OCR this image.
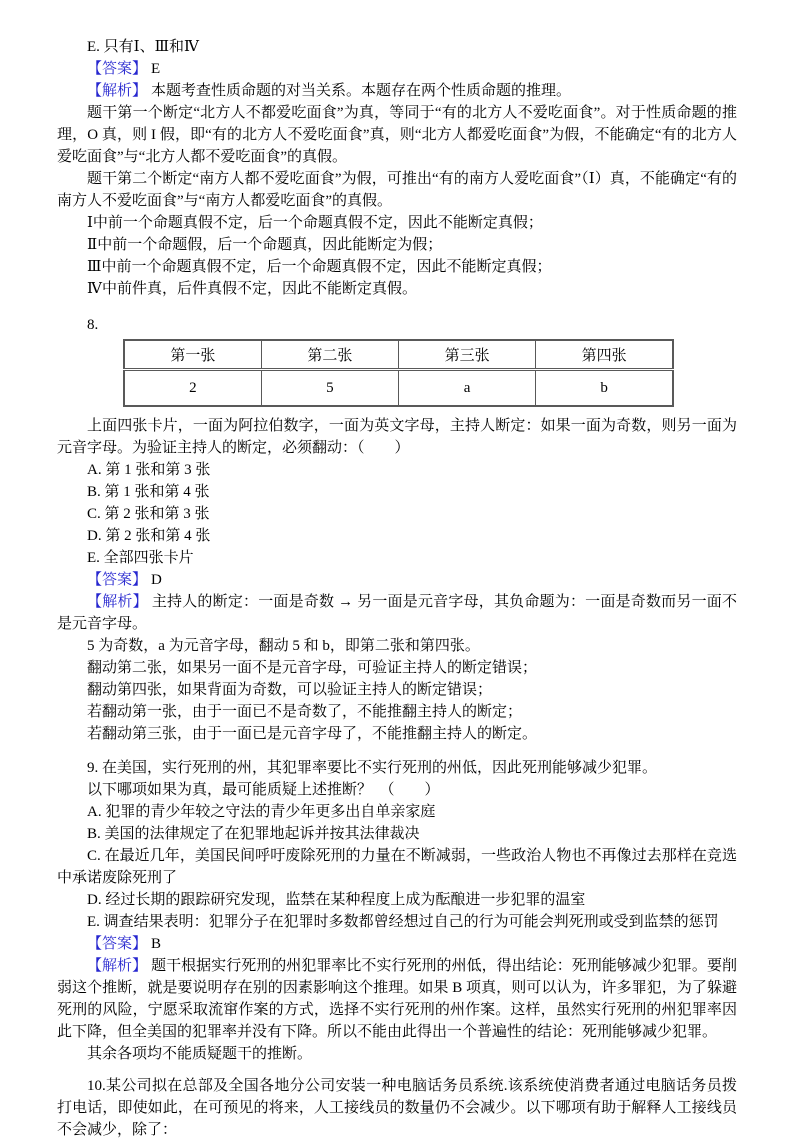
E. 只有Ⅰ、Ⅲ和Ⅳ

【答案】 E

【解析】 本题考查性质命题的对当关系。本题存在两个性质命题的推理。

题干第一个断定“北方人不都爱吃面食”为真，等同于“有的北方人不爱吃面食”。对于性质命题的推理，O 真，则 I 假，即“有的北方人不爱吃面食”真，则“北方人都爱吃面食”为假，不能确定“有的北方人爱吃面食”与“北方人都不爱吃面食”的真假。

题干第二个断定“南方人都不爱吃面食”为假，可推出“有的南方人爱吃面食”（Ⅰ）真，不能确定“有的南方人不爱吃面食”与“南方人都爱吃面食”的真假。

Ⅰ中前一个命题真假不定，后一个命题真假不定，因此不能断定真假；

Ⅱ中前一个命题假，后一个命题真，因此能断定为假；

Ⅲ中前一个命题真假不定，后一个命题真假不定，因此不能断定真假；

Ⅳ中前件真，后件真假不定，因此不能断定真假。

8.

第一张	第二张	第三张	第四张
2	5	a	b

上面四张卡片，一面为阿拉伯数字，一面为英文字母，主持人断定：如果一面为奇数，则另一面为元音字母。为验证主持人的断定，必须翻动：（　　）

A. 第 1 张和第 3 张

B. 第 1 张和第 4 张

C. 第 2 张和第 3 张

D. 第 2 张和第 4 张

E. 全部四张卡片

【答案】 D

【解析】 主持人的断定：一面是奇数 → 另一面是元音字母，其负命题为：一面是奇数而另一面不是元音字母。

5 为奇数，a 为元音字母，翻动 5 和 b，即第二张和第四张。

翻动第二张，如果另一面不是元音字母，可验证主持人的断定错误；

翻动第四张，如果背面为奇数，可以验证主持人的断定错误；

若翻动第一张，由于一面已不是奇数了，不能推翻主持人的断定；

若翻动第三张，由于一面已是元音字母了，不能推翻主持人的断定。

9. 在美国，实行死刑的州，其犯罪率要比不实行死刑的州低，因此死刑能够减少犯罪。

以下哪项如果为真，最可能质疑上述推断？　（　　）

A. 犯罪的青少年较之守法的青少年更多出自单亲家庭

B. 美国的法律规定了在犯罪地起诉并按其法律裁决

C. 在最近几年，美国民间呼吁废除死刑的力量在不断减弱，一些政治人物也不再像过去那样在竞选中承诺废除死刑了

D. 经过长期的跟踪研究发现，监禁在某种程度上成为酝酿进一步犯罪的温室

E. 调查结果表明：犯罪分子在犯罪时多数都曾经想过自己的行为可能会判死刑或受到监禁的惩罚

【答案】 B

【解析】 题干根据实行死刑的州犯罪率比不实行死刑的州低，得出结论：死刑能够减少犯罪。要削弱这个推断，就是要说明存在别的因素影响这个推理。如果 B 项真，则可以认为，许多罪犯，为了躲避死刑的风险，宁愿采取流窜作案的方式，选择不实行死刑的州作案。这样，虽然实行死刑的州犯罪率因此下降，但全美国的犯罪率并没有下降。所以不能由此得出一个普遍性的结论：死刑能够减少犯罪。

其余各项均不能质疑题干的推断。

10.某公司拟在总部及全国各地分公司安装一种电脑话务员系统.该系统使消费者通过电脑话务员拨打电话，即使如此，在可预见的将来，人工接线员的数量仍不会减少。以下哪项有助于解释人工接线员不会减少，除了：
